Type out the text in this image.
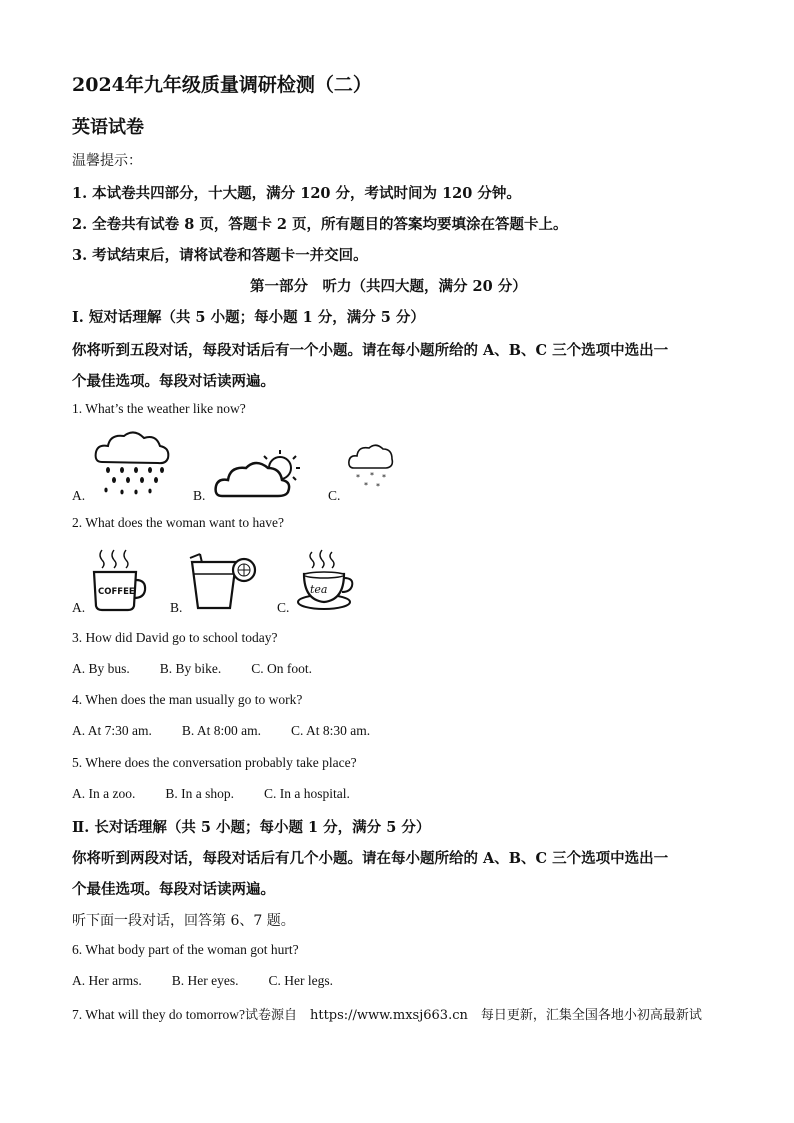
2024年九年级质量调研检测（二）
英语试卷
温馨提示：
1. 本试卷共四部分，十大题，满分 120 分，考试时间为 120 分钟。
2. 全卷共有试卷 8 页，答题卡 2 页，所有题目的答案均要填涂在答题卡上。
3. 考试结束后，请将试卷和答题卡一并交回。
第一部分　听力（共四大题，满分 20 分）
Ⅰ. 短对话理解（共 5 小题；每小题 1 分，满分 5 分）
你将听到五段对话，每段对话后有一个小题。请在每小题所给的 A、B、C 三个选项中选出一
个最佳选项。每段对话读两遍。
1. What’s the weather like now?
A.	B.	C.
* * *
* *
2. What does the woman want to have?
A.
COFFEE
B.	C.
tea
3. How did David go to school today?
A. By bus. B. By bike. C. On foot.
4. When does the man usually go to work?
A. At 7:30 am. B. At 8:00 am. C. At 8:30 am.
5. Where does the conversation probably take place?
A. In a zoo. B. In a shop. C. In a hospital.
Ⅱ. 长对话理解（共 5 小题；每小题 1 分，满分 5 分）
你将听到两段对话，每段对话后有几个小题。请在每小题所给的 A、B、C 三个选项中选出一
个最佳选项。每段对话读两遍。
听下面一段对话，回答第 6、7 题。
6. What body part of the woman got hurt?
A. Her arms. B. Her eyes. C. Her legs.
7. What will they do tomorrow?试卷源自　https://www.mxsj663.cn　每日更新，汇集全国各地小初高最新试
